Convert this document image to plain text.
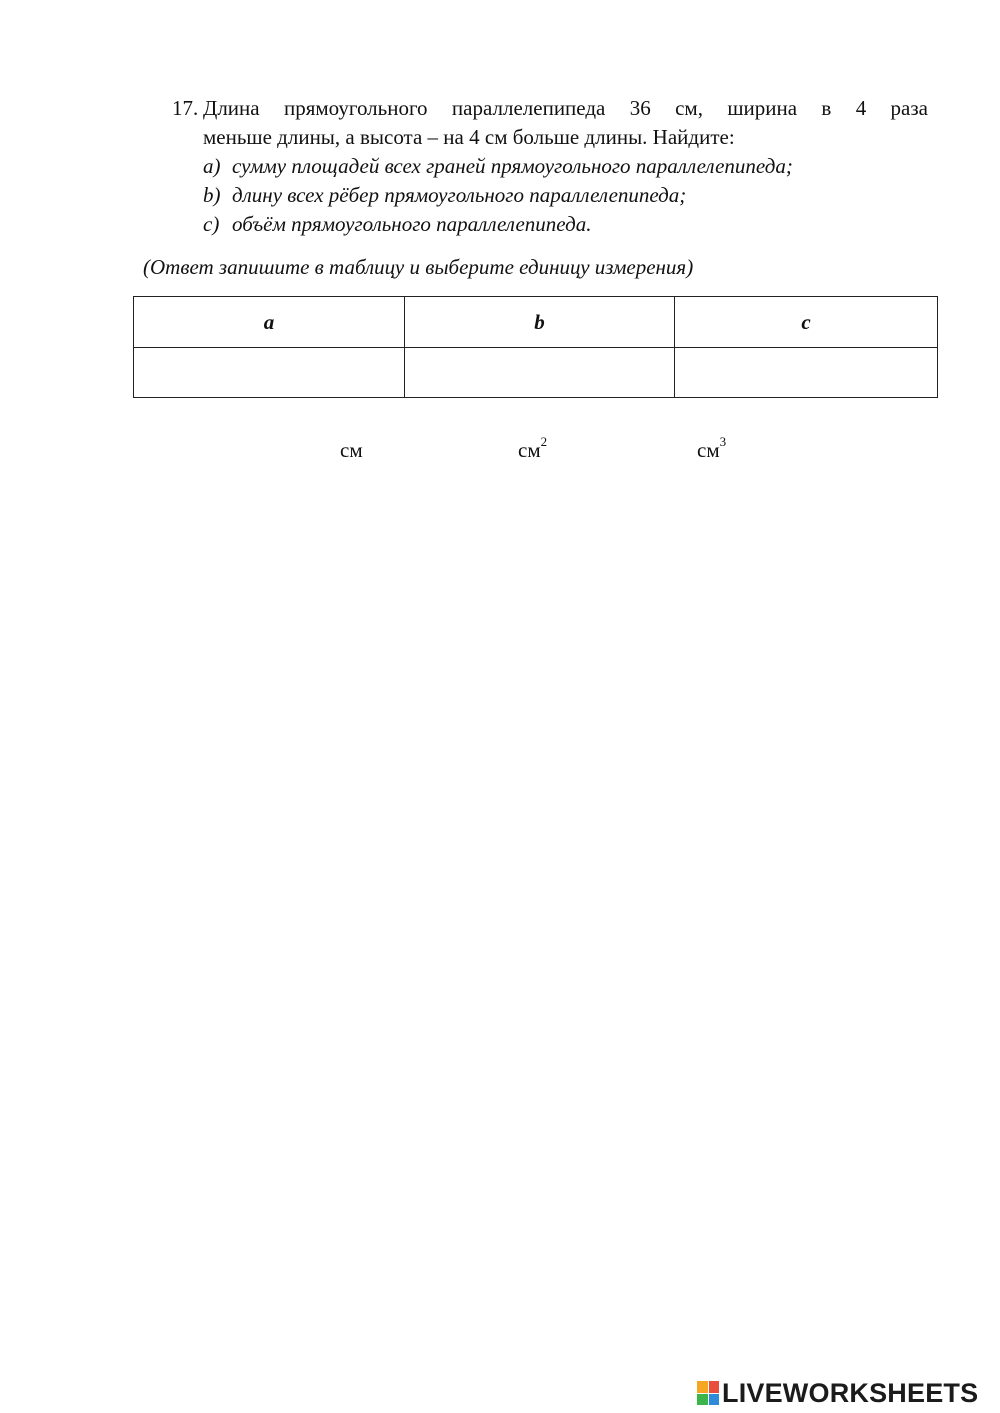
17. Длина прямоугольного параллелепипеда 36 см, ширина в 4 раза
меньше длины, а высота – на 4 см больше длины. Найдите:
a) сумму площадей всех граней прямоугольного параллелепипеда;
b) длину всех рёбер прямоугольного параллелепипеда;
c) объём прямоугольного параллелепипеда.
(Ответ запишите в таблицу и выберите единицу измерения)
a	b	c

см	$см^2$	$см^3$
LIVEWORKSHEETS
